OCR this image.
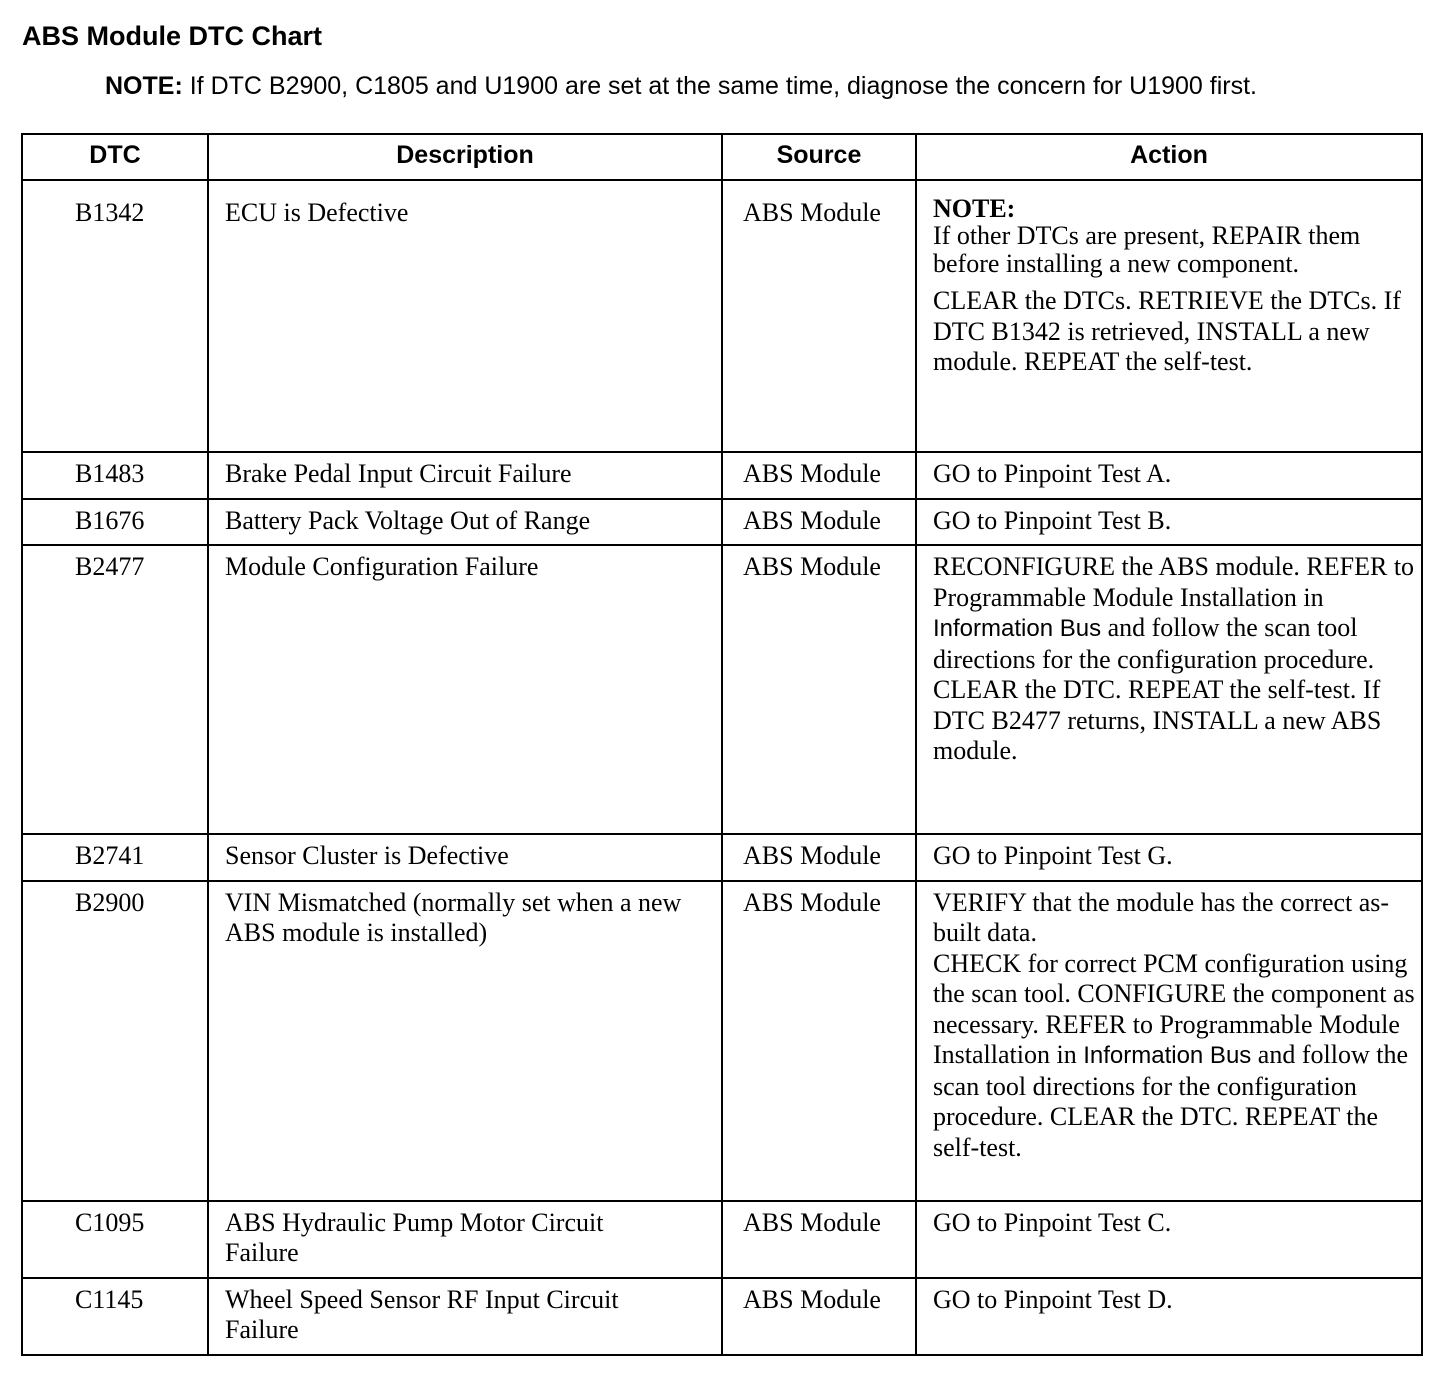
ABS Module DTC Chart
NOTE: If DTC B2900, C1805 and U1900 are set at the same time, diagnose the concern for U1900 first.
DTC	Description	Source	Action
B1342	ECU is Defective	ABS Module	NOTE:
If other DTCs are present, REPAIR them before installing a new component.
CLEAR the DTCs. RETRIEVE the DTCs. If DTC B1342 is retrieved, INSTALL a new module. REPEAT the self-test.

B1483	Brake Pedal Input Circuit Failure	ABS Module	GO to Pinpoint Test A.
B1676	Battery Pack Voltage Out of Range	ABS Module	GO to Pinpoint Test B.
B2477	Module Configuration Failure	ABS Module	RECONFIGURE the ABS module. REFER to Programmable Module Installation in Information Bus and follow the scan tool directions for the configuration procedure. CLEAR the DTC. REPEAT the self-test. If DTC B2477 returns, INSTALL a new ABS module.
B2741	Sensor Cluster is Defective	ABS Module	GO to Pinpoint Test G.
B2900	VIN Mismatched (normally set when a new ABS module is installed)	ABS Module	VERIFY that the module has the correct as-built data.
CHECK for correct PCM configuration using the scan tool. CONFIGURE the component as necessary. REFER to Programmable Module Installation in Information Bus and follow the scan tool directions for the configuration procedure. CLEAR the DTC. REPEAT the self-test.
C1095	ABS Hydraulic Pump Motor Circuit Failure	ABS Module	GO to Pinpoint Test C.
C1145	Wheel Speed Sensor RF Input Circuit Failure	ABS Module	GO to Pinpoint Test D.
